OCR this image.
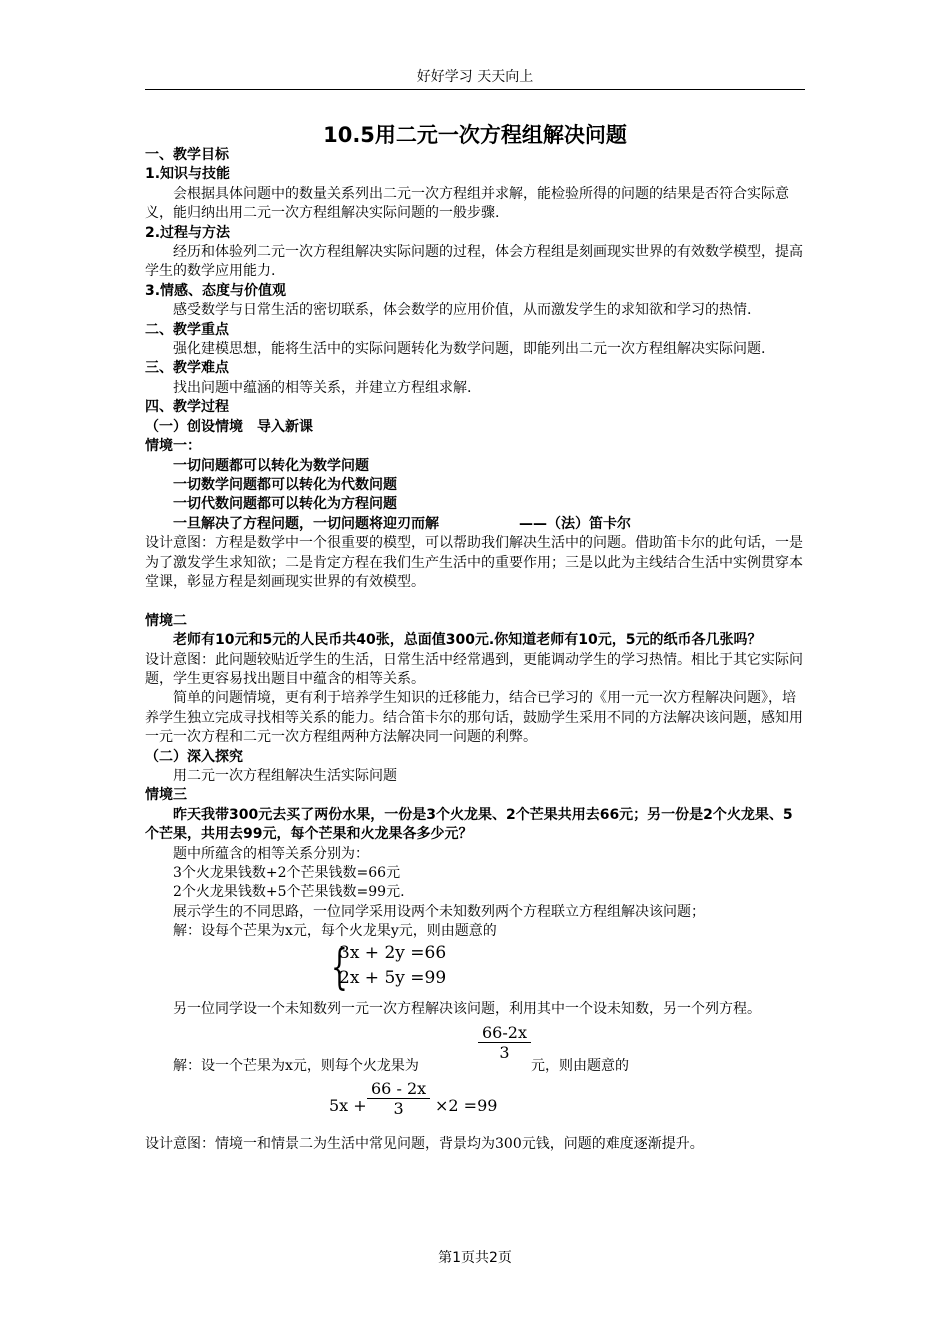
好好学习 天天向上
10.5用二元一次方程组解决问题

一、教学目标

1.知识与技能

会根据具体问题中的数量关系列出二元一次方程组并求解，能检验所得的问题的结果是否符合实际意义，能归纳出用二元一次方程组解决实际问题的一般步骤.

2.过程与方法

经历和体验列二元一次方程组解决实际问题的过程，体会方程组是刻画现实世界的有效数学模型，提高学生的数学应用能力.

3.情感、态度与价值观

感受数学与日常生活的密切联系，体会数学的应用价值，从而激发学生的求知欲和学习的热情.

二、教学重点

强化建模思想，能将生活中的实际问题转化为数学问题，即能列出二元一次方程组解决实际问题.

三、教学难点

找出问题中蕴涵的相等关系，并建立方程组求解.

四、教学过程

（一）创设情境　导入新课

情境一：

一切问题都可以转化为数学问题

一切数学问题都可以转化为代数问题

一切代数问题都可以转化为方程问题

一旦解决了方程问题，一切问题将迎刃而解	——（法）笛卡尔

设计意图：方程是数学中一个很重要的模型，可以帮助我们解决生活中的问题。借助笛卡尔的此句话，一是为了激发学生求知欲；二是肯定方程在我们生产生活中的重要作用；三是以此为主线结合生活中实例贯穿本堂课，彰显方程是刻画现实世界的有效模型。

情境二

老师有10元和5元的人民币共40张，总面值300元.你知道老师有10元，5元的纸币各几张吗？

设计意图：此问题较贴近学生的生活，日常生活中经常遇到，更能调动学生的学习热情。相比于其它实际问题，学生更容易找出题目中蕴含的相等关系。

简单的问题情境，更有利于培养学生知识的迁移能力，结合已学习的《用一元一次方程解决问题》，培养学生独立完成寻找相等关系的能力。结合笛卡尔的那句话，鼓励学生采用不同的方法解决该问题，感知用一元一次方程和二元一次方程组两种方法解决同一问题的利弊。

（二）深入探究

用二元一次方程组解决生活实际问题

情境三

昨天我带300元去买了两份水果，一份是3个火龙果、2个芒果共用去66元；另一份是2个火龙果、5个芒果，共用去99元，每个芒果和火龙果各多少元？

题中所蕴含的相等关系分别为：

3个火龙果钱数+2个芒果钱数=66元

2个火龙果钱数+5个芒果钱数=99元.

展示学生的不同思路，一位同学采用设两个未知数列两个方程联立方程组解决该问题；

解：设每个芒果为x元，每个火龙果y元，则由题意的

{
3x + 2y =66
2x + 5y =99

另一位同学设一个未知数列一元一次方程解决该问题，利用其中一个设未知数，另一个列方程。

解：设一个芒果为x元，则每个火龙果为
$\frac{66-2x}{3}$
元，则由题意的
$5x + \frac{66 - 2x}{3} \times 2 =99$

设计意图：情境一和情景二为生活中常见问题，背景均为300元钱，问题的难度逐渐提升。

第1页共2页
